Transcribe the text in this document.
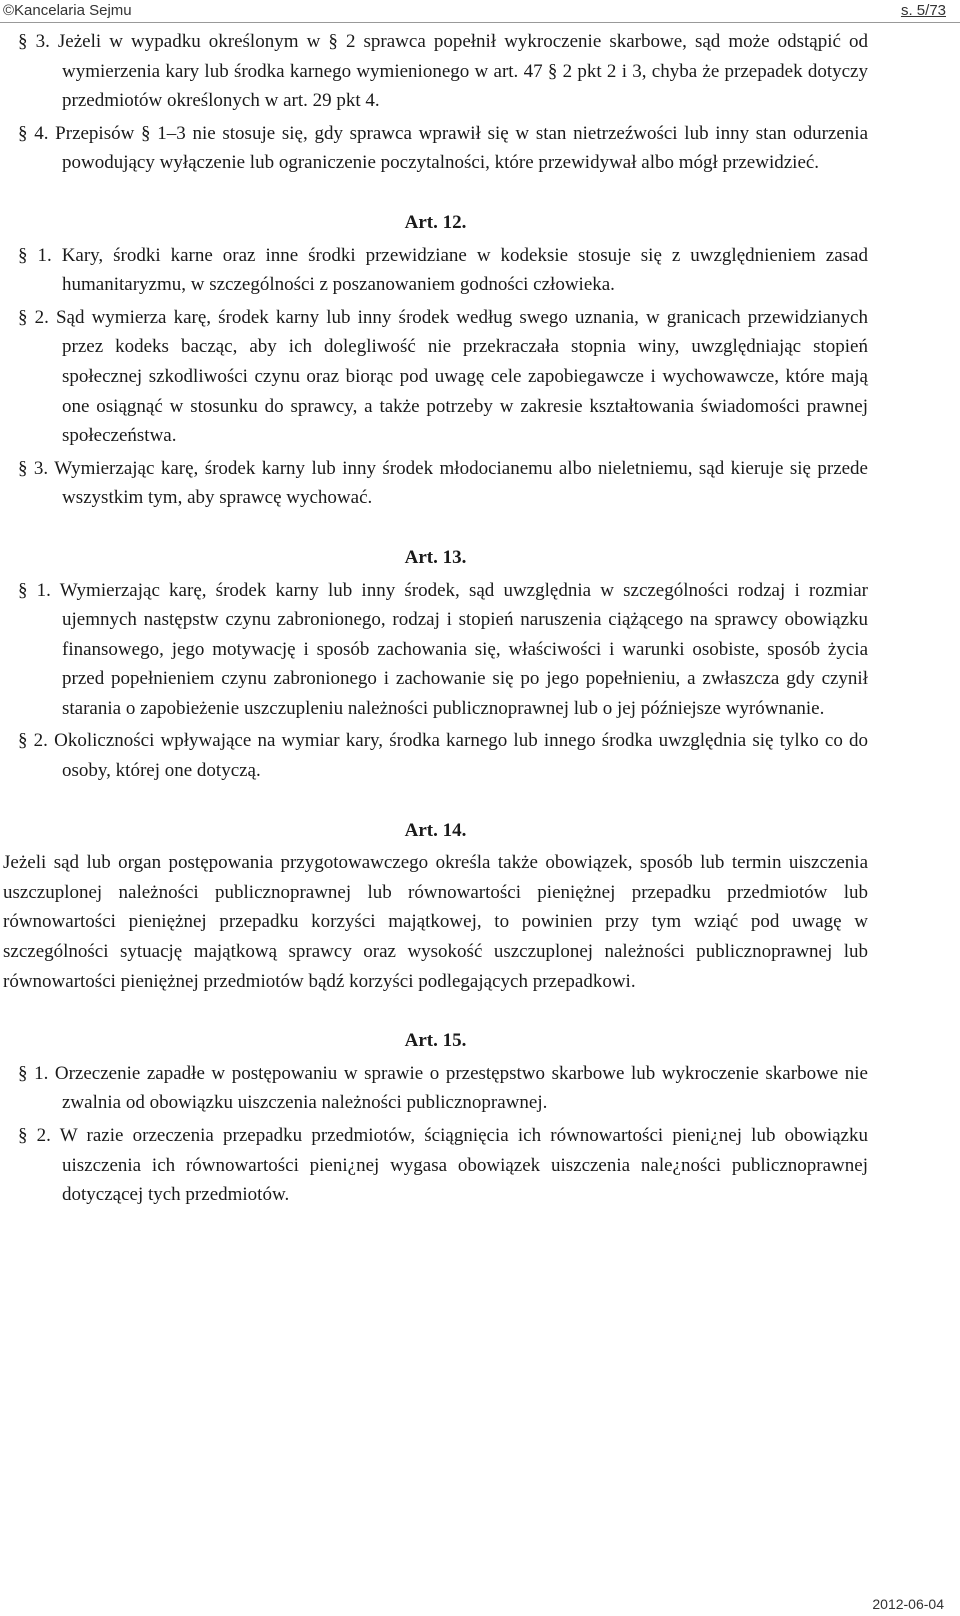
©Kancelaria Sejmu	s. 5/73

§ 3. Jeżeli w wypadku określonym w § 2 sprawca popełnił wykroczenie skarbowe, sąd może odstąpić od wymierzenia kary lub środka karnego wymienionego w art. 47 § 2 pkt 2 i 3, chyba że przepadek dotyczy przedmiotów określonych w art. 29 pkt 4.

§ 4. Przepisów § 1–3 nie stosuje się, gdy sprawca wprawił się w stan nietrzeźwości lub inny stan odurzenia powodujący wyłączenie lub ograniczenie poczytalności, które przewidywał albo mógł przewidzieć.

Art. 12.

§ 1. Kary, środki karne oraz inne środki przewidziane w kodeksie stosuje się z uwzględnieniem zasad humanitaryzmu, w szczególności z poszanowaniem godności człowieka.

§ 2. Sąd wymierza karę, środek karny lub inny środek według swego uznania, w granicach przewidzianych przez kodeks bacząc, aby ich dolegliwość nie przekraczała stopnia winy, uwzględniając stopień społecznej szkodliwości czynu oraz biorąc pod uwagę cele zapobiegawcze i wychowawcze, które mają one osiągnąć w stosunku do sprawcy, a także potrzeby w zakresie kształtowania świadomości prawnej społeczeństwa.

§ 3. Wymierzając karę, środek karny lub inny środek młodocianemu albo nieletniemu, sąd kieruje się przede wszystkim tym, aby sprawcę wychować.

Art. 13.

§ 1. Wymierzając karę, środek karny lub inny środek, sąd uwzględnia w szczególności rodzaj i rozmiar ujemnych następstw czynu zabronionego, rodzaj i stopień naruszenia ciążącego na sprawcy obowiązku finansowego, jego motywację i sposób zachowania się, właściwości i warunki osobiste, sposób życia przed popełnieniem czynu zabronionego i zachowanie się po jego popełnieniu, a zwłaszcza gdy czynił starania o zapobieżenie uszczupleniu należności publicznoprawnej lub o jej późniejsze wyrównanie.

§ 2. Okoliczności wpływające na wymiar kary, środka karnego lub innego środka uwzględnia się tylko co do osoby, której one dotyczą.

Art. 14.

Jeżeli sąd lub organ postępowania przygotowawczego określa także obowiązek, sposób lub termin uiszczenia uszczuplonej należności publicznoprawnej lub równowartości pieniężnej przepadku przedmiotów lub równowartości pieniężnej przepadku korzyści majątkowej, to powinien przy tym wziąć pod uwagę w szczególności sytuację majątkową sprawcy oraz wysokość uszczuplonej należności publicznoprawnej lub równowartości pieniężnej przedmiotów bądź korzyści podlegających przepadkowi.

Art. 15.

§ 1. Orzeczenie zapadłe w postępowaniu w sprawie o przestępstwo skarbowe lub wykroczenie skarbowe nie zwalnia od obowiązku uiszczenia należności publicznoprawnej.

§ 2. W razie orzeczenia przepadku przedmiotów, ściągnięcia ich równowartości pieni¿nej lub obowiązku uiszczenia ich równowartości pieni¿nej wygasa obowiązek uiszczenia nale¿ności publicznoprawnej dotyczącej tych przedmiotów.

2012-06-04
